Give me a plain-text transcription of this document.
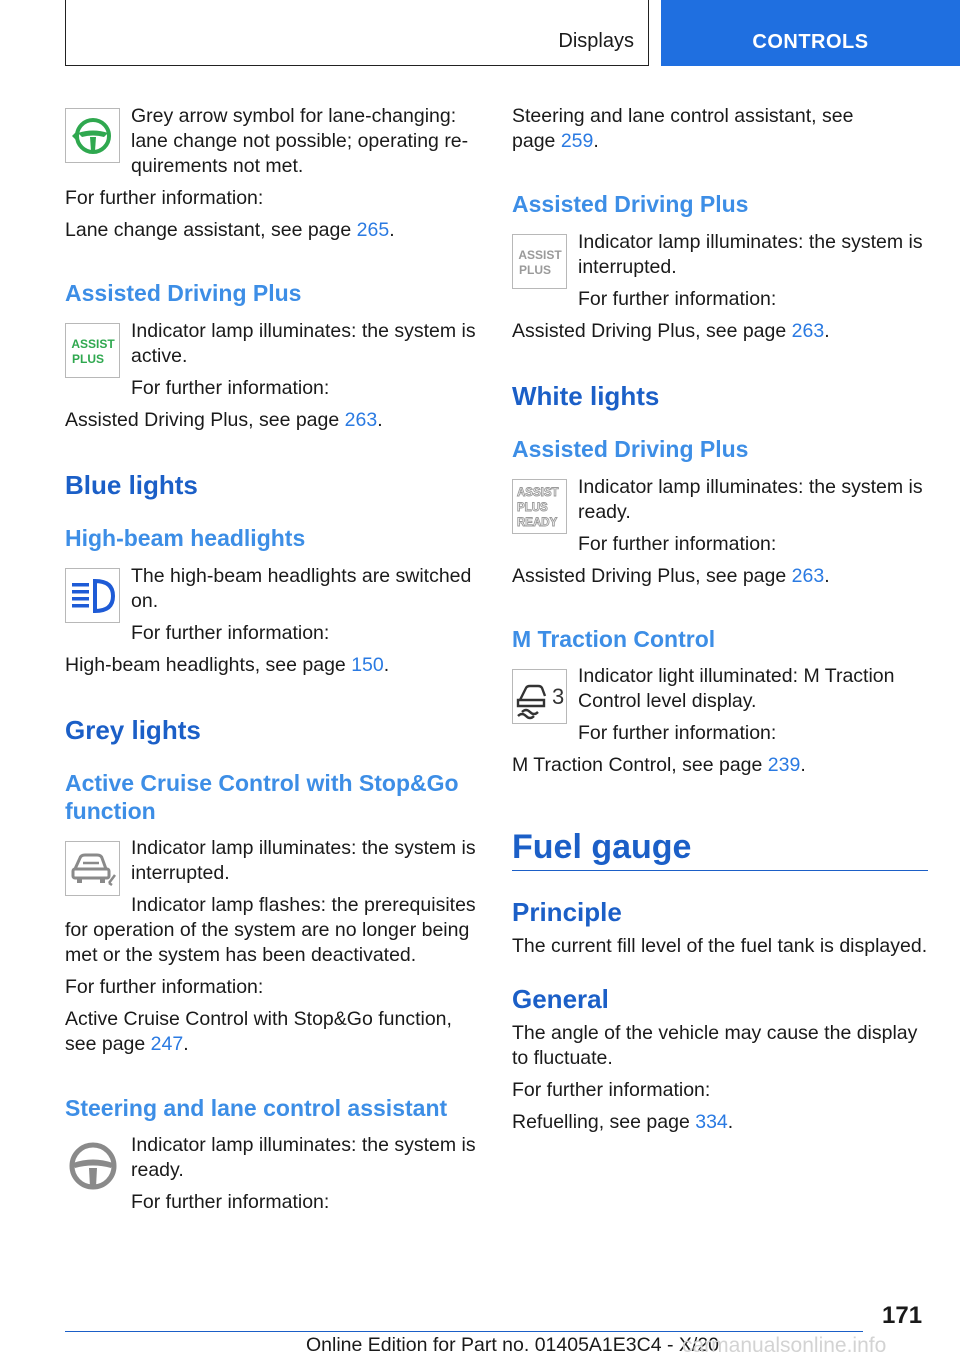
Displays	CONTROLS
Grey arrow symbol for lane-changing:
lane change not possible; operating re‐
quirements not met.
For further information:
Lane change assistant, see page 265.
Assisted Driving Plus
ASSIST
PLUS
Indicator lamp illuminates: the system is
active.
For further information:
Assisted Driving Plus, see page 263.
Blue lights
High-beam headlights
The high-beam headlights are switched
on.
For further information:
High-beam headlights, see page 150.
Grey lights
Active Cruise Control with Stop&Go
function
Indicator lamp illuminates: the system is
interrupted.
Indicator lamp flashes: the prerequisites
for operation of the system are no longer being
met or the system has been deactivated.
For further information:
Active Cruise Control with Stop&Go function,
see page 247.
Steering and lane control assistant
Indicator lamp illuminates: the system is
ready.
For further information:
Steering and lane control assistant, see
page 259.
Assisted Driving Plus
ASSIST
PLUS
Indicator lamp illuminates: the system is
interrupted.
For further information:
Assisted Driving Plus, see page 263.
White lights
Assisted Driving Plus
ASSIST
PLUS
READY
Indicator lamp illuminates: the system is
ready.
For further information:
Assisted Driving Plus, see page 263.
M Traction Control
3
Indicator light illuminated: M Traction
Control level display.
For further information:
M Traction Control, see page 239.
Fuel gauge
Principle
The current fill level of the fuel tank is displayed.
General
The angle of the vehicle may cause the display
to fluctuate.
For further information:
Refuelling, see page 334.
171
Online Edition for Part no. 01405A1E3C4 - X/20
carmanualsonline.info
